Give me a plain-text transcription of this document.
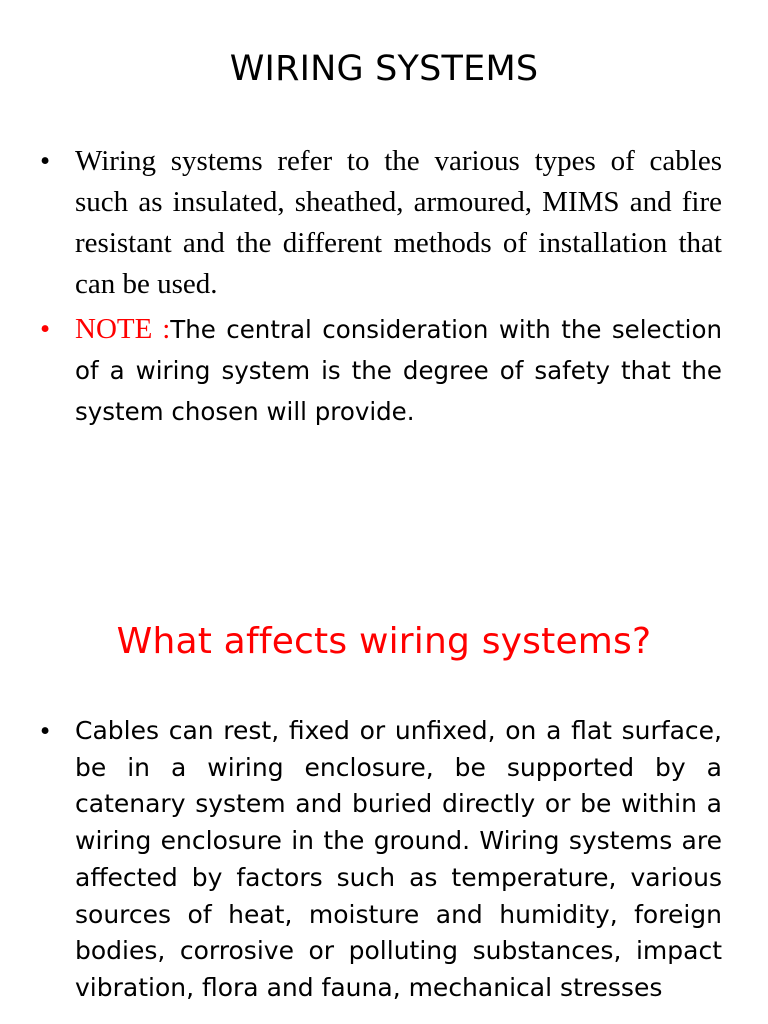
WIRING SYSTEMS
• Wiring systems refer to the various types of cables such as insulated, sheathed, armoured, MIMS and fire resistant and the different methods of installation that can be used.
• NOTE :The central consideration with the selection of a wiring system is the degree of safety that the system chosen will provide.
What affects wiring systems?
• Cables can rest, fixed or unfixed, on a flat surface, be in a wiring enclosure, be supported by a catenary system and buried directly or be within a wiring enclosure in the ground. Wiring systems are affected by factors such as temperature, various sources of heat, moisture and humidity, foreign bodies, corrosive or polluting substances, impact vibration, flora and fauna, mechanical stresses
